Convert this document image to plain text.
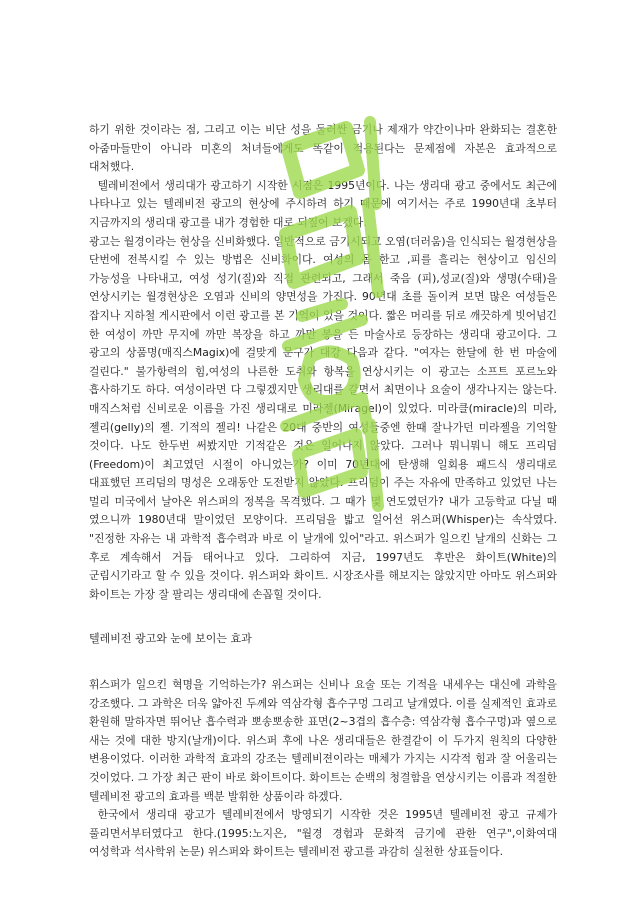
하기 위한 것이라는 점, 그리고 이는 비단 성을 둘러싼 금기나 제재가 약간이나마 완화되는 결혼한 아줌마들만이 아니라 미혼의 처녀들에게도 똑같이 적용된다는 문제점에 자본은 효과적으로 대처했다.

텔레비전에서 생리대가 광고하기 시작한 시점은 1995년이다. 나는 생리대 광고 중에서도 최근에 나타나고 있는 텔레비전 광고의 현상에 주시하려 하기 때문에 여기서는 주로 1990년대 초부터 지금까지의 생리대 광고를 내가 경험한 대로 되짚어 보겠다.

광고는 월경이라는 현상을 신비화했다. 일반적으로 금기시되고 오염(더러움)을 인식되는 월경현상을 단번에 전복시킬 수 있는 방법은 신비화이다. 여성의 몸 한고 ,피를 흘리는 현상이고 임신의 가능성을 나타내고, 여성 성기(질)와 직접 관련되고, 그래서 죽음 (피),성교(질)와 생명(수태)을 연상시키는 월경현상은 오염과 신비의 양면성을 가진다. 90년대 초를 돌이켜 보면 많은 여성들은 잡지나 지하철 게시판에서 이런 광고를 본 기억이 있을 것이다. 짧은 머리를 뒤로 깨끗하게 빗어넘긴 한 여성이 까만 무지에 까만 복장을 하고 까만 봉을 든 마술사로 등장하는 생리대 광고이다. 그 광고의 상품명(매직스Magix)에 걸맞게 문구가 대강 다음과 같다. "여자는 한달에 한 번 마술에 걸린다." 불가항력의 힘,여성의 나른한 도취와 항복을 연상시키는 이 광고는 소프트 포르노와 흡사하기도 하다. 여성이라면 다 그렇겠지만 생리대를 갈면서 최면이나 요술이 생각나지는 않는다. 매직스처럼 신비로운 이름을 가진 생리대로 미라젤(Miragel)이 있었다. 미라클(miracle)의 미라,젤리(gelly)의 젤. 기적의 젤리! 나같은 20대 중반의 여성들중엔 한때 잘나가던 미라젤을 기억할 것이다. 나도 한두번 써봤지만 기적같은 것은 일어나지 않았다. 그러나 뭐니뭐니 해도 프리덤(Freedom)이 최고였던 시절이 아니었는가? 이미 70년대에 탄생해 일회용 패드식 생리대로 대표했던 프리덤의 명성은 오래동안 도전받지 않았다. 프리덤이 주는 자유에 만족하고 있었던 나는 멀리 미국에서 날아온 위스퍼의 정복을 목격했다. 그 때가 몇 연도였던가? 내가 고등학교 다닐 때 였으니까 1980년대 말이었던 모양이다. 프리덤을 밟고 일어선 위스퍼(Whisper)는 속삭였다. "진정한 자유는 내 과학적 흡수력과 바로 이 날개에 있어"라고. 위스퍼가 일으킨 날개의 신화는 그 후로 계속해서 거듭 태어나고 있다. 그리하여 지금, 1997년도 후반은 화이트(White)의 군림시기라고 할 수 있을 것이다. 위스퍼와 화이트. 시장조사를 해보지는 않았지만 아마도 위스퍼와 화이트는 가장 잘 팔리는 생리대에 손꼽힐 것이다.

텔레비전 광고와 눈에 보이는 효과

휘스퍼가 일으킨 혁명을 기억하는가? 위스퍼는 신비나 요술 또는 기적을 내세우는 대신에 과학을 강조했다. 그 과학은 더욱 얇아진 두께와 역삼각형 흡수구멍 그리고 날개였다. 이를 실제적인 효과로 환원해 말하자면 뛰어난 흡수력과 뽀송뽀송한 표면(2~3겹의 흡수층: 역삼각형 흡수구멍)과 옆으로 새는 것에 대한 방지(날개)이다. 위스퍼 후에 나온 생리대들은 한결같이 이 두가지 원칙의 다양한 변용이었다. 이러한 과학적 효과의 강조는 텔레비젼이라는 매체가 가지는 시각적 힘과 잘 어울리는 것이었다. 그 가장 최근 판이 바로 화이트이다. 화이트는 순백의 청결함을 연상시키는 이름과 적절한 텔레비전 광고의 효과를 백분 발휘한 상품이라 하겠다.

한국에서 생리대 광고가 텔레비전에서 방영되기 시작한 것은 1995년 텔레비전 광고 규제가 풀리면서부터였다고 한다.(1995:노지은, "월경 경험과 문화적 금기에 관한 연구",이화여대 여성학과 석사학위 논문) 위스퍼와 화이트는 텔레비전 광고를 과감히 실천한 상표들이다.
